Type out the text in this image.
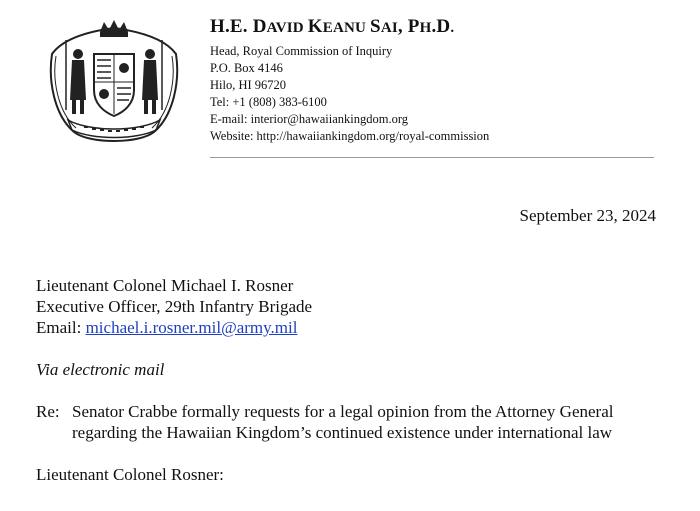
H.E. DAVID KEANU SAI, PH.D.
Head, Royal Commission of Inquiry
P.O. Box 4146
Hilo, HI 96720
Tel: +1 (808) 383-6100
E-mail: interior@hawaiiankingdom.org
Website: http://hawaiiankingdom.org/royal-commission
September 23, 2024
Lieutenant Colonel Michael I. Rosner
Executive Officer, 29th Infantry Brigade
Email: michael.i.rosner.mil@army.mil
Via electronic mail
Re: Senator Crabbe formally requests for a legal opinion from the Attorney General regarding the Hawaiian Kingdom’s continued existence under international law
Lieutenant Colonel Rosner:
